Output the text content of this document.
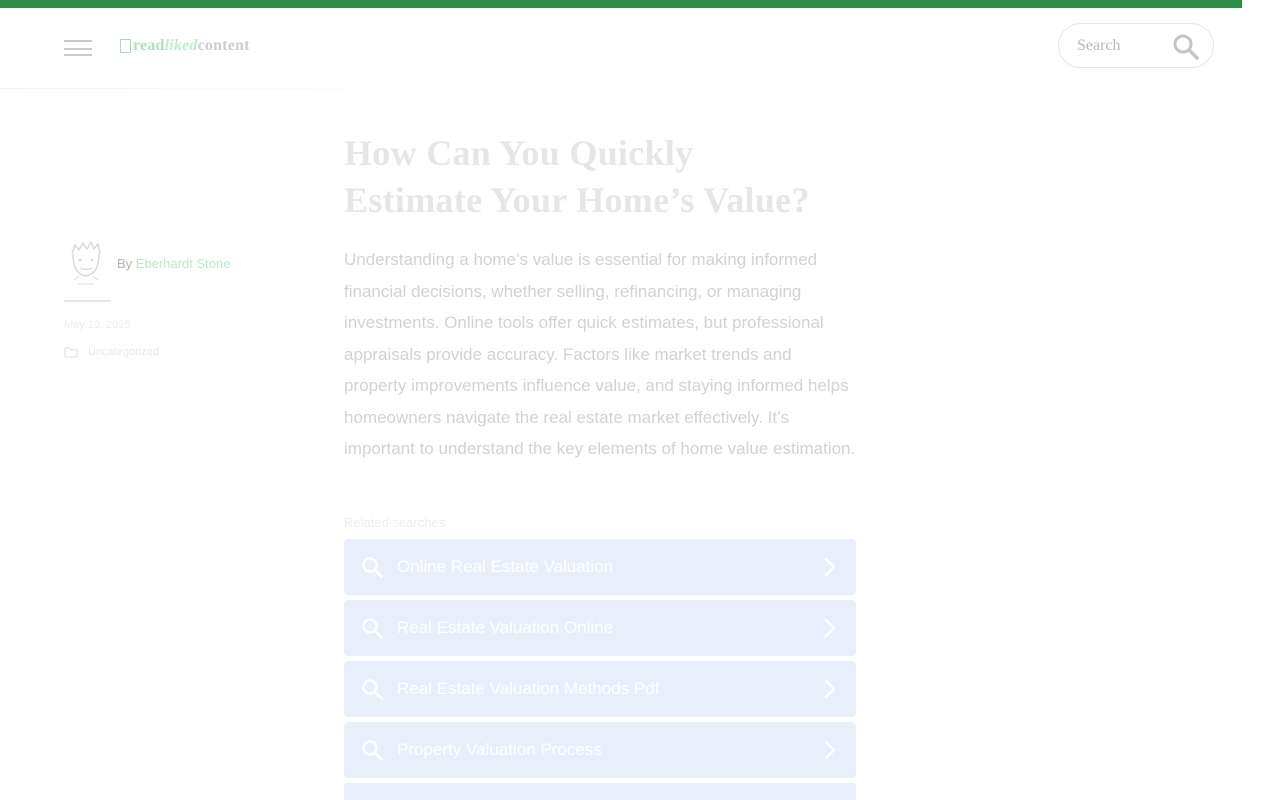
read liked content
Search
By Eberhardt Stone
May 10, 2025
Uncategorized
How Can You Quickly
Estimate Your Home’s Value?

Understanding a home’s value is essential for making informed financial decisions, whether selling, refinancing, or managing investments. Online tools offer quick estimates, but professional appraisals provide accuracy. Factors like market trends and property improvements influence value, and staying informed helps homeowners navigate the real estate market effectively. It’s important to understand the key elements of home value estimation.

Related searches
Online Real Estate Valuation
Real Estate Valuation Online
Real Estate Valuation Methods Pdf
Property Valuation Process
